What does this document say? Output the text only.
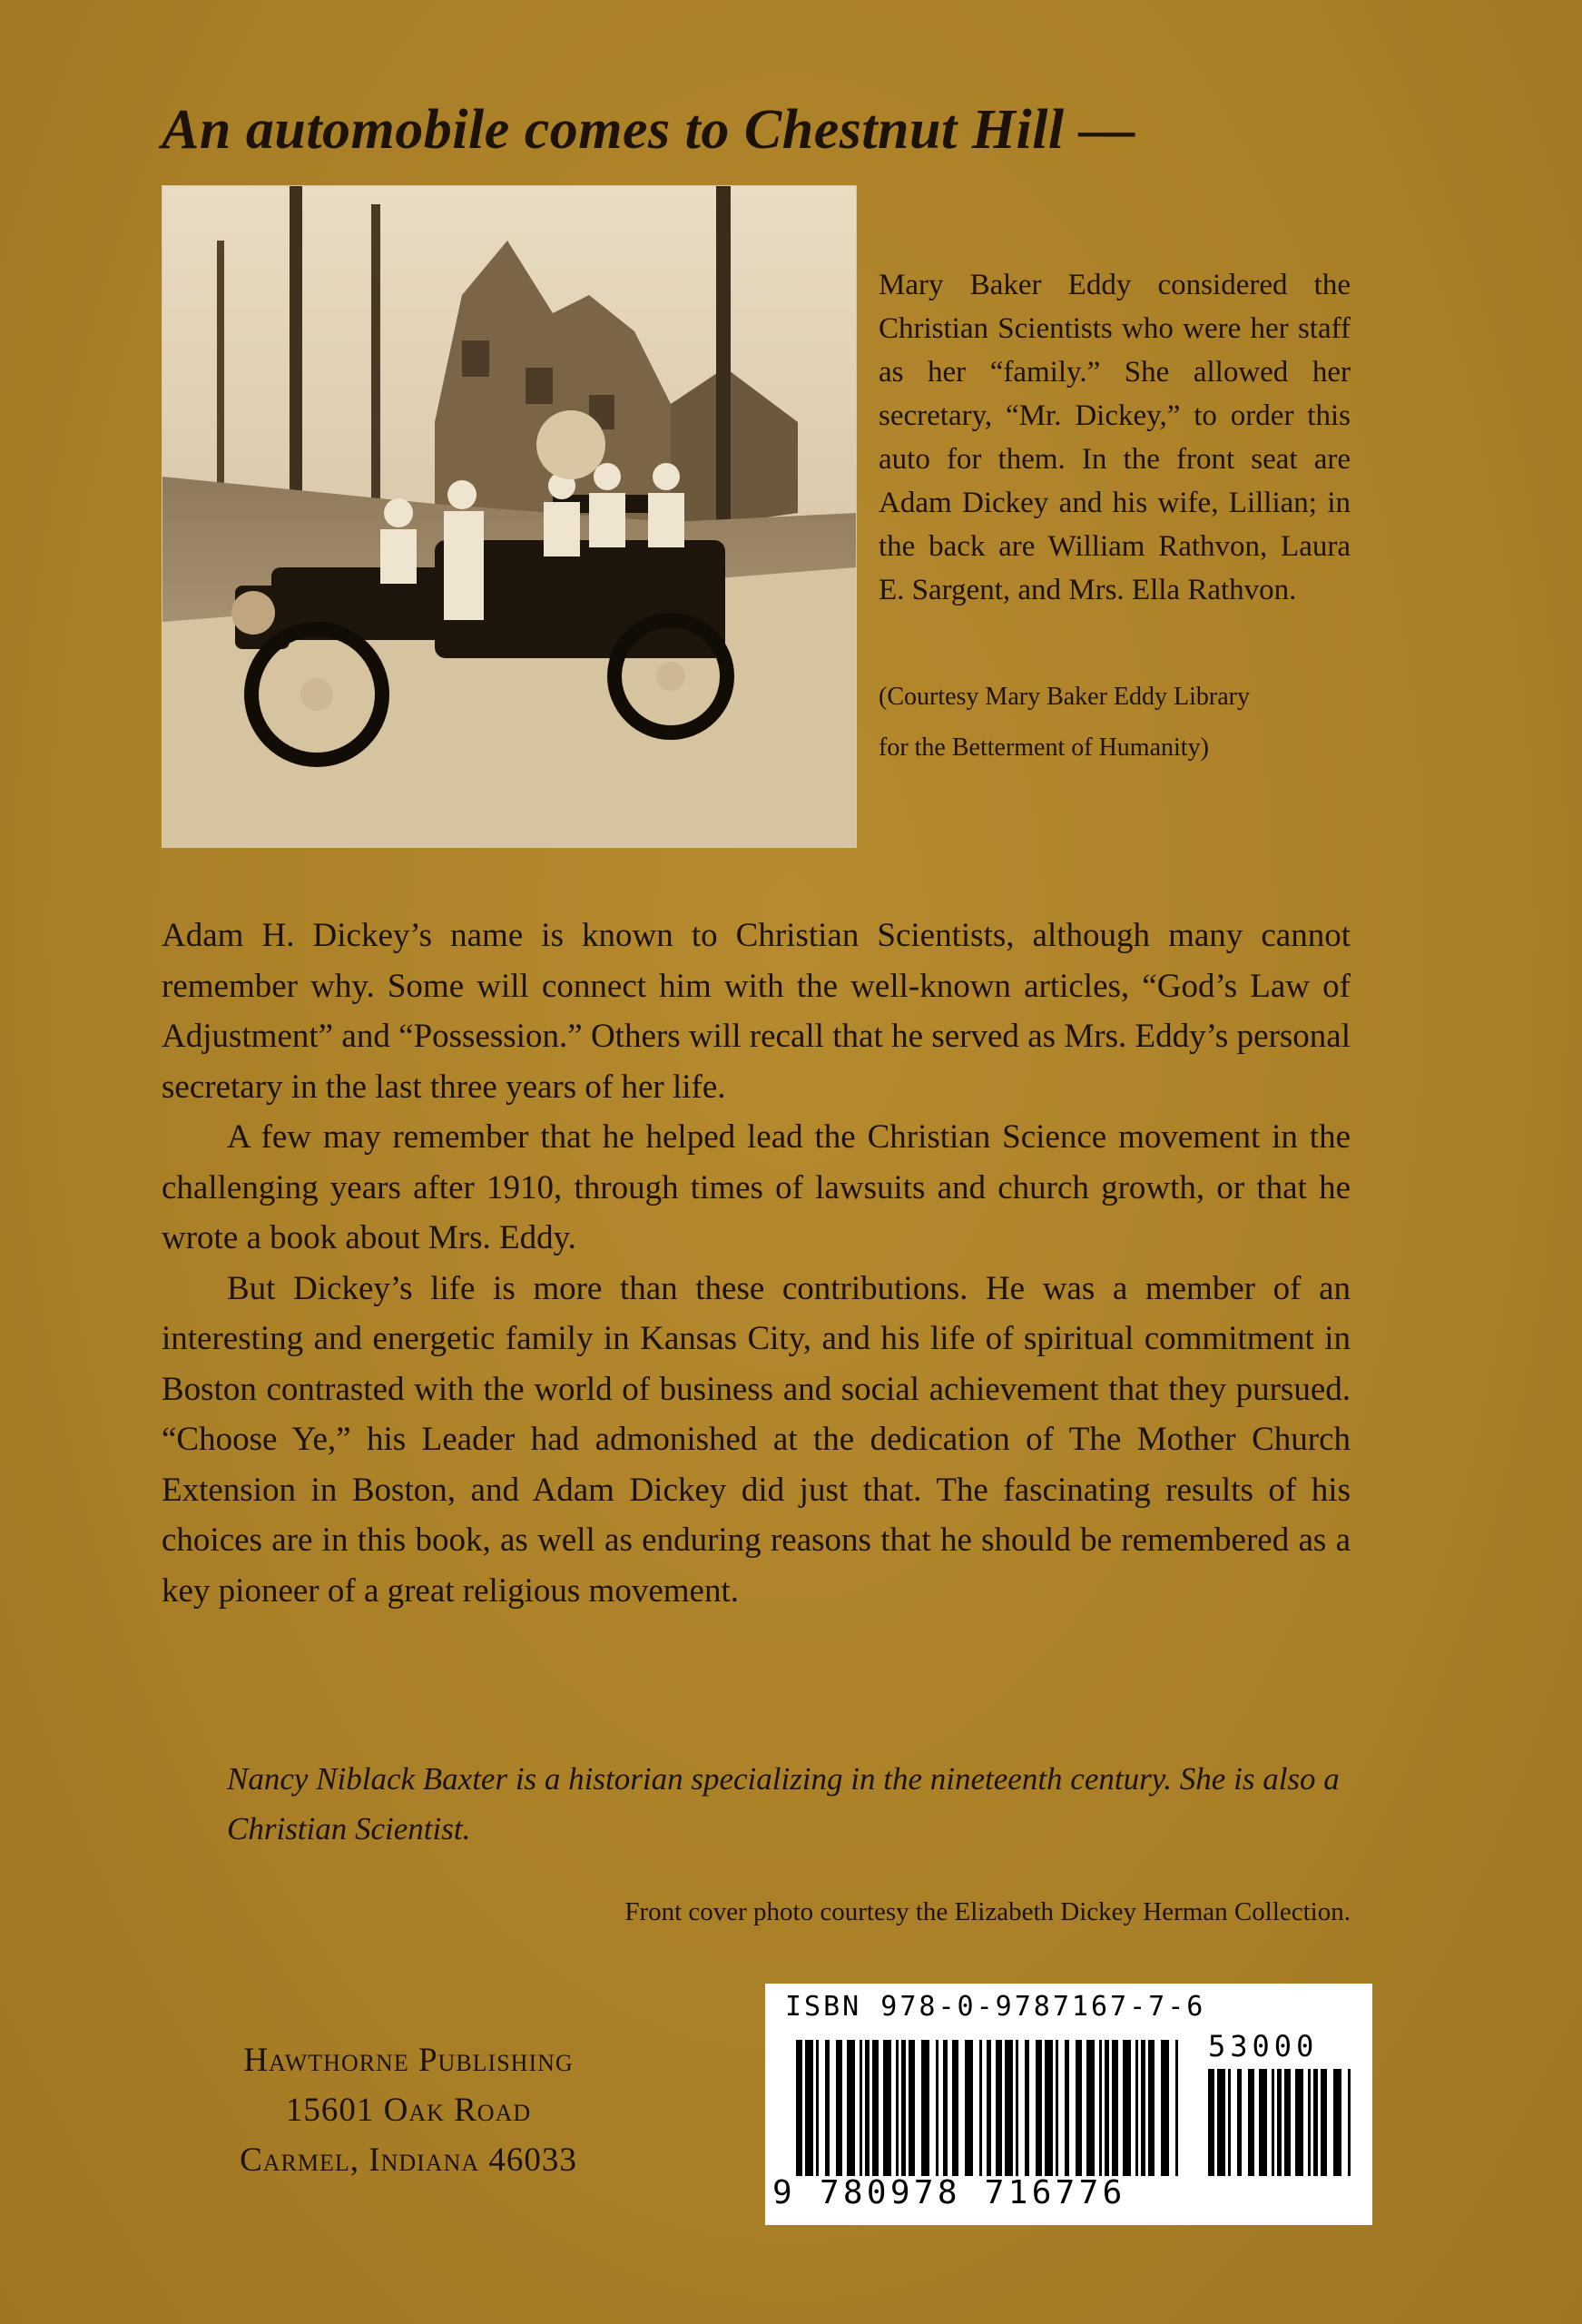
An automobile comes to Chestnut Hill —

Mary Baker Eddy considered the Christian Scientists who were her staff as her “family.” She allowed her secretary, “Mr. Dickey,” to order this auto for them. In the front seat are Adam Dickey and his wife, Lillian; in the back are William Rathvon, Laura E. Sargent, and Mrs. Ella Rathvon.

(Courtesy Mary Baker Eddy Library
for the Betterment of Humanity)

Adam H. Dickey’s name is known to Christian Scientists, although many cannot remember why. Some will connect him with the well-known articles, “God’s Law of Adjustment” and “Possession.” Others will recall that he served as Mrs. Eddy’s personal secretary in the last three years of her life.

A few may remember that he helped lead the Christian Science movement in the challenging years after 1910, through times of lawsuits and church growth, or that he wrote a book about Mrs. Eddy.

But Dickey’s life is more than these contributions. He was a member of an interesting and energetic family in Kansas City, and his life of spiritual commitment in Boston contrasted with the world of business and social achievement that they pursued. “Choose Ye,” his Leader had admonished at the dedication of The Mother Church Extension in Boston, and Adam Dickey did just that. The fascinating results of his choices are in this book, as well as enduring reasons that he should be remembered as a key pioneer of a great religious movement.

Nancy Niblack Baxter is a historian specializing in the nineteenth century. She is also a Christian Scientist.

Front cover photo courtesy the Elizabeth Dickey Herman Collection.

Hawthorne Publishing
15601 Oak Road
Carmel, Indiana 46033
ISBN 978-0-9787167-7-6
53000
9 780978 716776
